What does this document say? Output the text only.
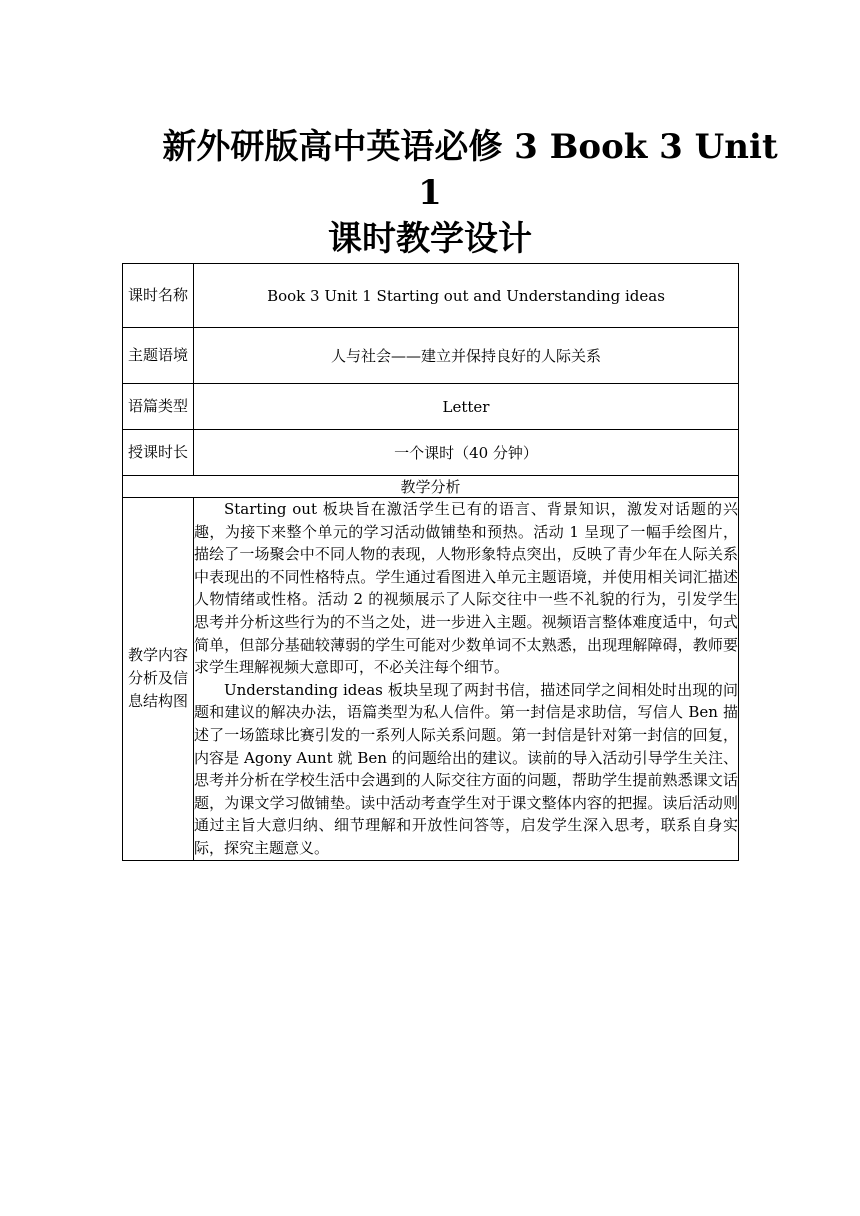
新外研版高中英语必修 3 Book 3 Unit
1
课时教学设计
课时名称	Book 3 Unit 1 Starting out and Understanding ideas
主题语境	人与社会——建立并保持良好的人际关系
语篇类型	Letter
授课时长	一个课时（40 分钟）
教学分析	
教学内容分析及信息结构图	Starting out 板块旨在激活学生已有的语言、背景知识，激发对话题的兴趣，为接下来整个单元的学习活动做铺垫和预热。活动 1 呈现了一幅手绘图片，描绘了一场聚会中不同人物的表现，人物形象特点突出，反映了青少年在人际关系中表现出的不同性格特点。学生通过看图进入单元主题语境，并使用相关词汇描述人物情绪或性格。活动 2 的视频展示了人际交往中一些不礼貌的行为，引发学生思考并分析这些行为的不当之处，进一步进入主题。视频语言整体难度适中，句式简单，但部分基础较薄弱的学生可能对少数单词不太熟悉，出现理解障碍，教师要求学生理解视频大意即可，不必关注每个细节。

Understanding ideas 板块呈现了两封书信，描述同学之间相处时出现的问题和建议的解决办法，语篇类型为私人信件。第一封信是求助信，写信人 Ben 描述了一场篮球比赛引发的一系列人际关系问题。第一封信是针对第一封信的回复，内容是 Agony Aunt 就 Ben 的问题给出的建议。读前的导入活动引导学生关注、思考并分析在学校生活中会遇到的人际交往方面的问题，帮助学生提前熟悉课文话题，为课文学习做铺垫。读中活动考查学生对于课文整体内容的把握。读后活动则通过主旨大意归纳、细节理解和开放性问答等，启发学生深入思考，联系自身实际，探究主题意义。
